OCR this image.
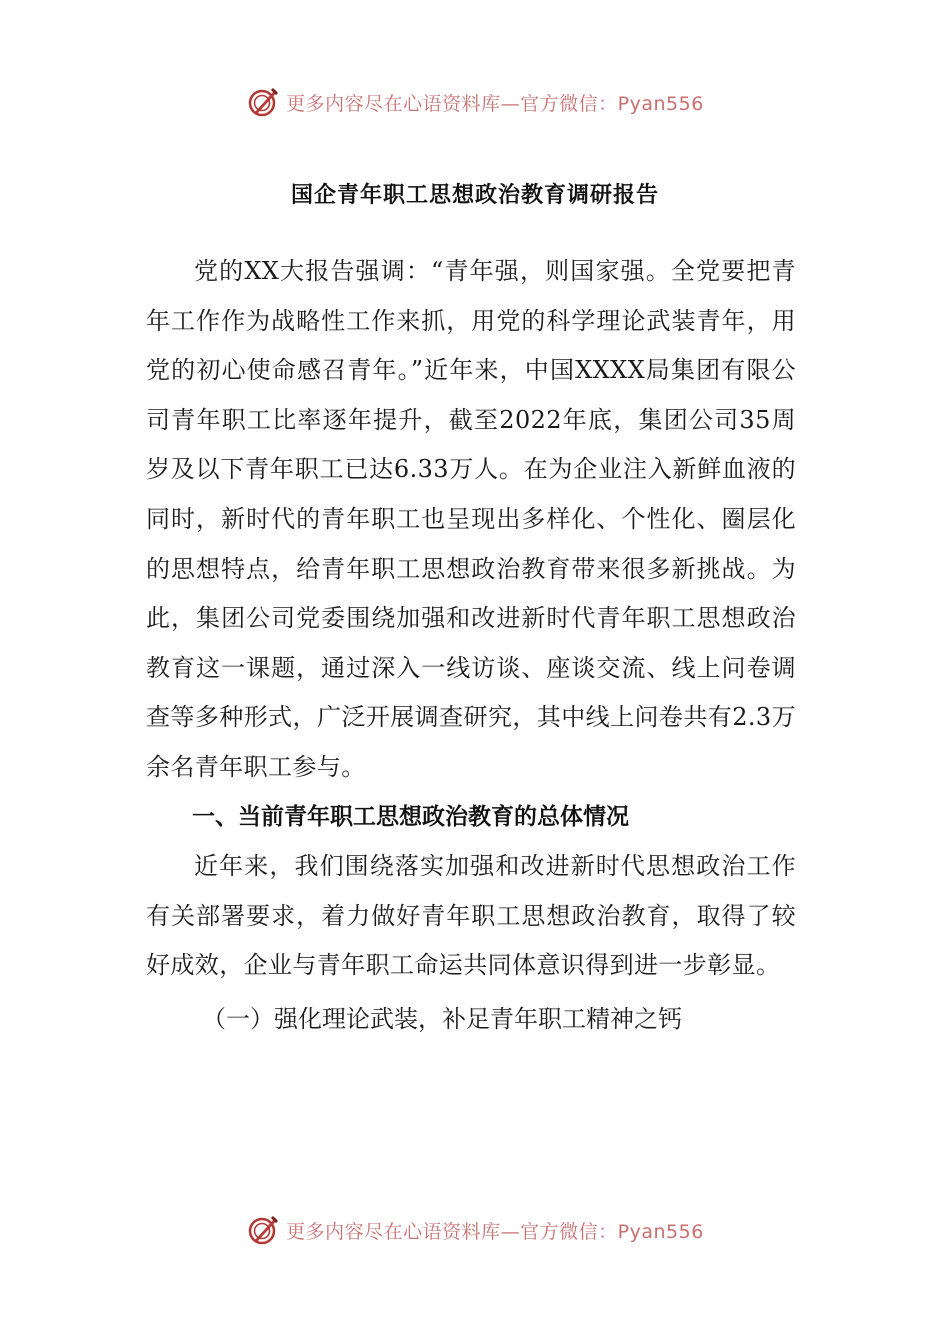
更多内容尽在心语资料库—官方微信：Pyan556
国企青年职工思想政治教育调研报告

党的XX大报告强调：“青年强，则国家强。全党要把青年工作作为战略性工作来抓，用党的科学理论武装青年，用党的初心使命感召青年。”近年来，中国XXXX局集团有限公司青年职工比率逐年提升，截至2022年底，集团公司35周岁及以下青年职工已达6.33万人。在为企业注入新鲜血液的同时，新时代的青年职工也呈现出多样化、个性化、圈层化的思想特点，给青年职工思想政治教育带来很多新挑战。为此，集团公司党委围绕加强和改进新时代青年职工思想政治教育这一课题，通过深入一线访谈、座谈交流、线上问卷调查等多种形式，广泛开展调查研究，其中线上问卷共有2.3万余名青年职工参与。

一、当前青年职工思想政治教育的总体情况

近年来，我们围绕落实加强和改进新时代思想政治工作有关部署要求，着力做好青年职工思想政治教育，取得了较好成效，企业与青年职工命运共同体意识得到进一步彰显。

（一）强化理论武装，补足青年职工精神之钙

更多内容尽在心语资料库—官方微信：Pyan556
